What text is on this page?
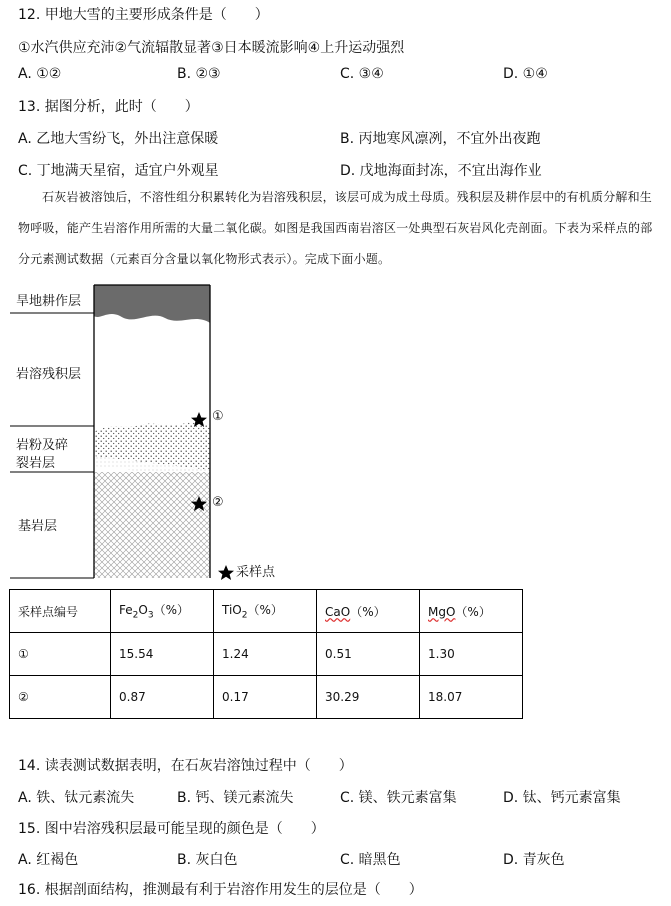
12. 甲地大雪的主要形成条件是（　　）
①水汽供应充沛②气流辐散显著③日本暖流影响④上升运动强烈
A. ①②	B. ②③	C. ③④	D. ①④
13. 据图分析，此时（　　）
A. 乙地大雪纷飞，外出注意保暖	B. 丙地寒风凛冽，不宜外出夜跑
C. 丁地满天星宿，适宜户外观星	D. 戊地海面封冻，不宜出海作业
石灰岩被溶蚀后，不溶性组分积累转化为岩溶残积层，该层可成为成土母质。残积层及耕作层中的有机质分解和生物呼吸，能产生岩溶作用所需的大量二氧化碳。如图是我国西南岩溶区一处典型石灰岩风化壳剖面。下表为采样点的部分元素测试数据（元素百分含量以氧化物形式表示）。完成下面小题。
旱地耕作层
岩溶残积层
岩粉及碎
裂岩层
基岩层
①
②
采样点
采样点编号	$Fe_2O_3(\%)$	TiO$_2$（%）	CaO（%）	MgO（%）
①	15.54	1.24	0.51	1.30
②	0.87	0.17	30.29	18.07
14. 读表测试数据表明，在石灰岩溶蚀过程中（　　）
A. 铁、钛元素流失	B. 钙、镁元素流失	C. 镁、铁元素富集	D. 钛、钙元素富集
15. 图中岩溶残积层最可能呈现的颜色是（　　）
A. 红褐色	B. 灰白色	C. 暗黑色	D. 青灰色
16. 根据剖面结构，推测最有利于岩溶作用发生的层位是（　　）
